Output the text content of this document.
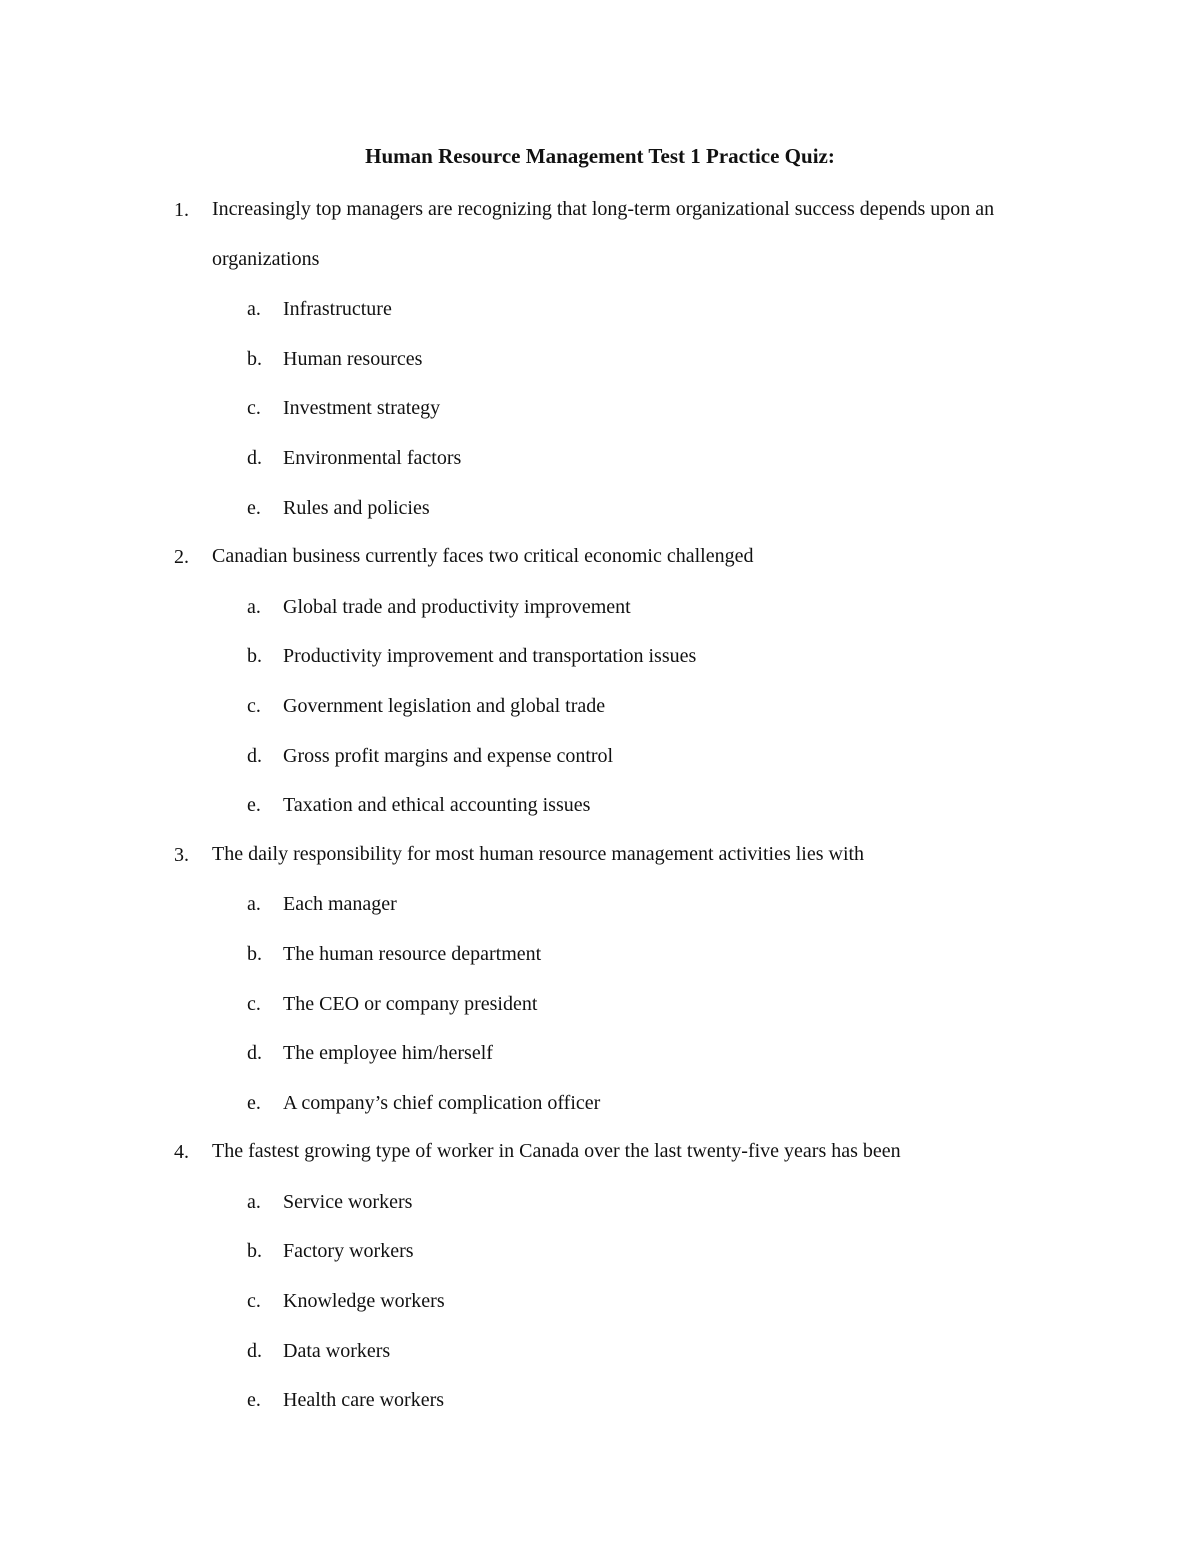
Human Resource Management Test 1 Practice Quiz:
1. Increasingly top managers are recognizing that long-term organizational success depends upon an organizations
a. Infrastructure
b. Human resources
c. Investment strategy
d. Environmental factors
e. Rules and policies
2. Canadian business currently faces two critical economic challenged
a. Global trade and productivity improvement
b. Productivity improvement and transportation issues
c. Government legislation and global trade
d. Gross profit margins and expense control
e. Taxation and ethical accounting issues
3. The daily responsibility for most human resource management activities lies with
a. Each manager
b. The human resource department
c. The CEO or company president
d. The employee him/herself
e. A company’s chief complication officer
4. The fastest growing type of worker in Canada over the last twenty-five years has been
a. Service workers
b. Factory workers
c. Knowledge workers
d. Data workers
e. Health care workers
